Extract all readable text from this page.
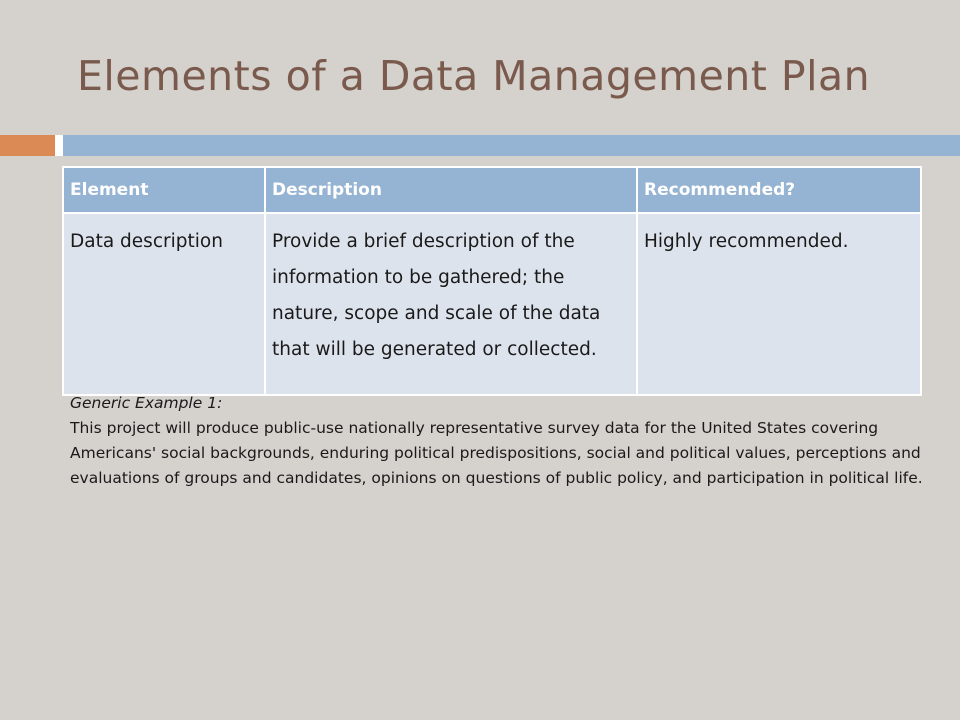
Elements of a Data Management Plan
Element	Description	Recommended?
Data description	Provide a brief description of the information to be gathered; the nature, scope and scale of the data that will be generated or collected.	Highly recommended.
Generic Example 1:
This project will produce public-use nationally representative survey data for the United States covering Americans' social backgrounds, enduring political predispositions, social and political values, perceptions and evaluations of groups and candidates, opinions on questions of public policy, and participation in political life.
